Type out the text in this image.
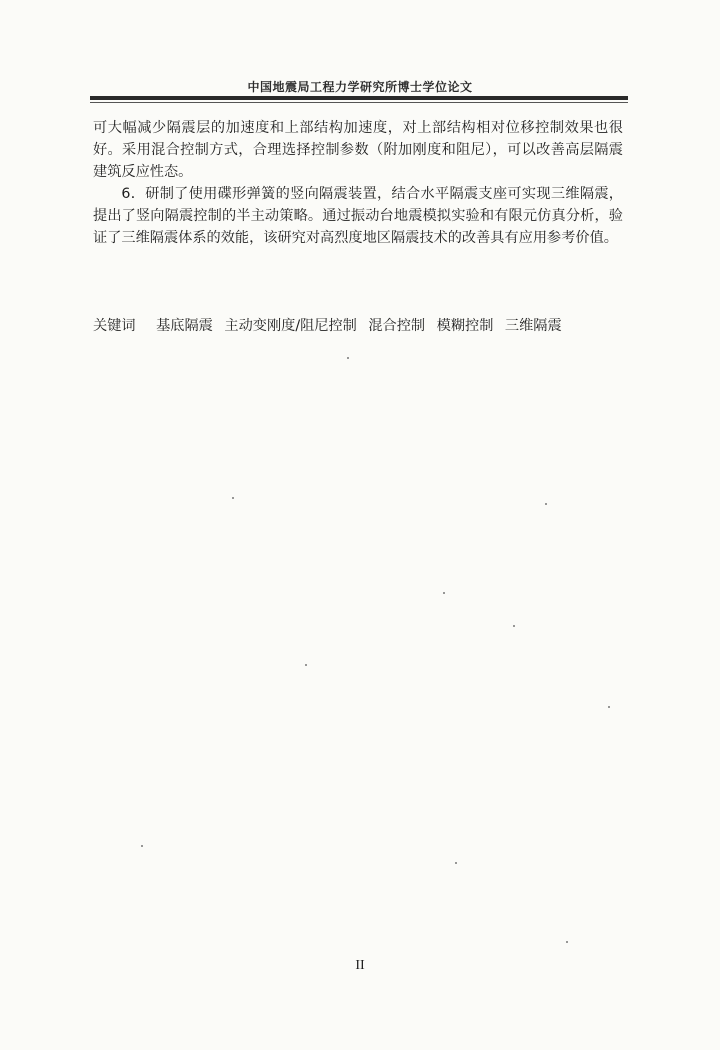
中国地震局工程力学研究所博士学位论文

可大幅减少隔震层的加速度和上部结构加速度，对上部结构相对位移控制效果也很好。采用混合控制方式，合理选择控制参数（附加刚度和阻尼），可以改善高层隔震建筑反应性态。

6．研制了使用碟形弹簧的竖向隔震装置，结合水平隔震支座可实现三维隔震，提出了竖向隔震控制的半主动策略。通过振动台地震模拟实验和有限元仿真分析，验证了三维隔震体系的效能，该研究对高烈度地区隔震技术的改善具有应用参考价值。

关键词 基底隔震 主动变刚度/阻尼控制 混合控制 模糊控制 三维隔震
II
